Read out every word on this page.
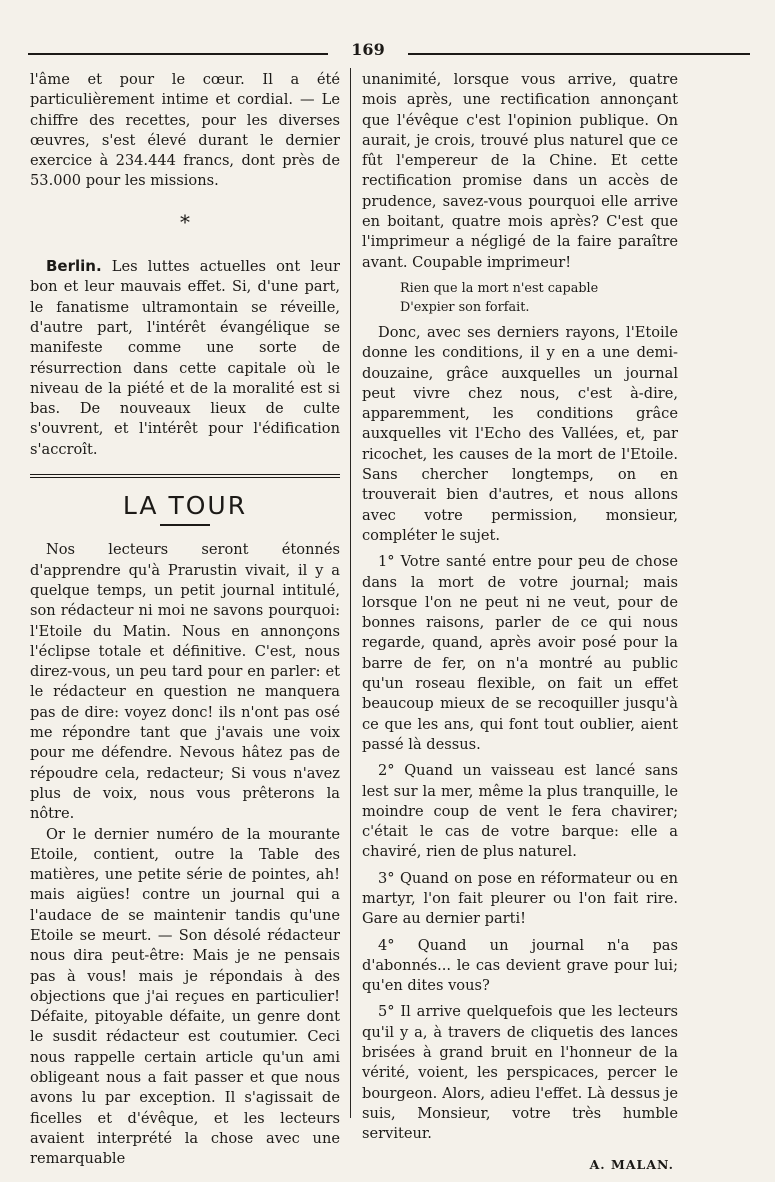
169

l'âme et pour le cœur. Il a été particulièrement intime et cordial. — Le chiffre des recettes, pour les diverses œuvres, s'est élevé durant le dernier exercice à 234.444 francs, dont près de 53.000 pour les missions.

*

Berlin. Les luttes actuelles ont leur bon et leur mauvais effet. Si, d'une part, le fanatisme ultramontain se réveille, d'autre part, l'intérêt évangélique se manifeste comme une sorte de résurrection dans cette capitale où le niveau de la piété et de la moralité est si bas. De nouveaux lieux de culte s'ouvrent, et l'intérêt pour l'édification s'accroît.

LA TOUR

Nos lecteurs seront étonnés d'apprendre qu'à Prarustin vivait, il y a quelque temps, un petit journal intitulé, son rédacteur ni moi ne savons pourquoi: l'Etoile du Matin. Nous en annonçons l'éclipse totale et définitive. C'est, nous direz-vous, un peu tard pour en parler: et le rédacteur en question ne manquera pas de dire: voyez donc! ils n'ont pas osé me répondre tant que j'avais une voix pour me défendre. Nevous hâtez pas de répoudre cela, redacteur; Si vous n'avez plus de voix, nous vous prêterons la nôtre.

Or le dernier numéro de la mourante Etoile, contient, outre la Table des matières, une petite série de pointes, ah! mais aigües! contre un journal qui a l'audace de se maintenir tandis qu'une Etoile se meurt. — Son désolé rédacteur nous dira peut-être: Mais je ne pensais pas à vous! mais je répondais à des objections que j'ai reçues en particulier! Défaite, pitoyable défaite, un genre dont le susdit rédacteur est coutumier. Ceci nous rappelle certain article qu'un ami obligeant nous a fait passer et que nous avons lu par exception. Il s'agissait de ficelles et d'évêque, et les lecteurs avaient interprété la chose avec une remarquable

unanimité, lorsque vous arrive, quatre mois après, une rectification annonçant que l'évêque c'est l'opinion publique. On aurait, je crois, trouvé plus naturel que ce fût l'empereur de la Chine. Et cette rectification promise dans un accès de prudence, savez-vous pourquoi elle arrive en boitant, quatre mois après? C'est que l'imprimeur a négligé de la faire paraître avant. Coupable imprimeur!

Rien que la mort n'est capable
D'expier son forfait.

Donc, avec ses derniers rayons, l'Etoile donne les conditions, il y en a une demi-douzaine, grâce auxquelles un journal peut vivre chez nous, c'est à-dire, apparemment, les conditions grâce auxquelles vit l'Echo des Vallées, et, par ricochet, les causes de la mort de l'Etoile. Sans chercher longtemps, on en trouverait bien d'autres, et nous allons avec votre permission, monsieur, compléter le sujet.

1° Votre santé entre pour peu de chose dans la mort de votre journal; mais lorsque l'on ne peut ni ne veut, pour de bonnes raisons, parler de ce qui nous regarde, quand, après avoir posé pour la barre de fer, on n'a montré au public qu'un roseau flexible, on fait un effet beaucoup mieux de se recoquiller jusqu'à ce que les ans, qui font tout oublier, aient passé là dessus.

2° Quand un vaisseau est lancé sans lest sur la mer, même la plus tranquille, le moindre coup de vent le fera chavirer; c'était le cas de votre barque: elle a chaviré, rien de plus naturel.

3° Quand on pose en réformateur ou en martyr, l'on fait pleurer ou l'on fait rire. Gare au dernier parti!

4° Quand un journal n'a pas d'abonnés... le cas devient grave pour lui; qu'en dites vous?

5° Il arrive quelquefois que les lecteurs qu'il y a, à travers de cliquetis des lances brisées à grand bruit en l'honneur de la vérité, voient, les perspicaces, percer le bourgeon. Alors, adieu l'effet. Là dessus je suis, Monsieur, votre très humble serviteur.

A. MALAN.
